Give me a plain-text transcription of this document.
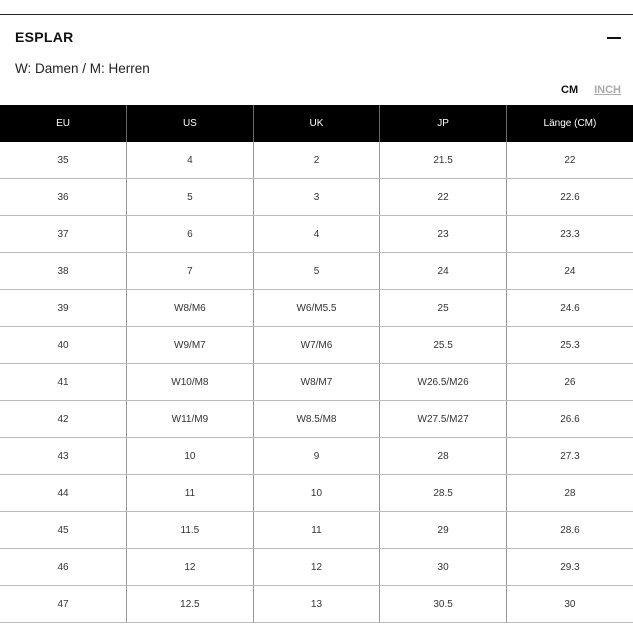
ESPLAR
W: Damen / M: Herren
CM INCH
EU	US	UK	JP	Länge (CM)
35	4	2	21.5	22
36	5	3	22	22.6
37	6	4	23	23.3
38	7	5	24	24
39	W8/M6	W6/M5.5	25	24.6
40	W9/M7	W7/M6	25.5	25.3
41	W10/M8	W8/M7	W26.5/M26	26
42	W11/M9	W8.5/M8	W27.5/M27	26.6
43	10	9	28	27.3
44	11	10	28.5	28
45	11.5	11	29	28.6
46	12	12	30	29.3
47	12.5	13	30.5	30
